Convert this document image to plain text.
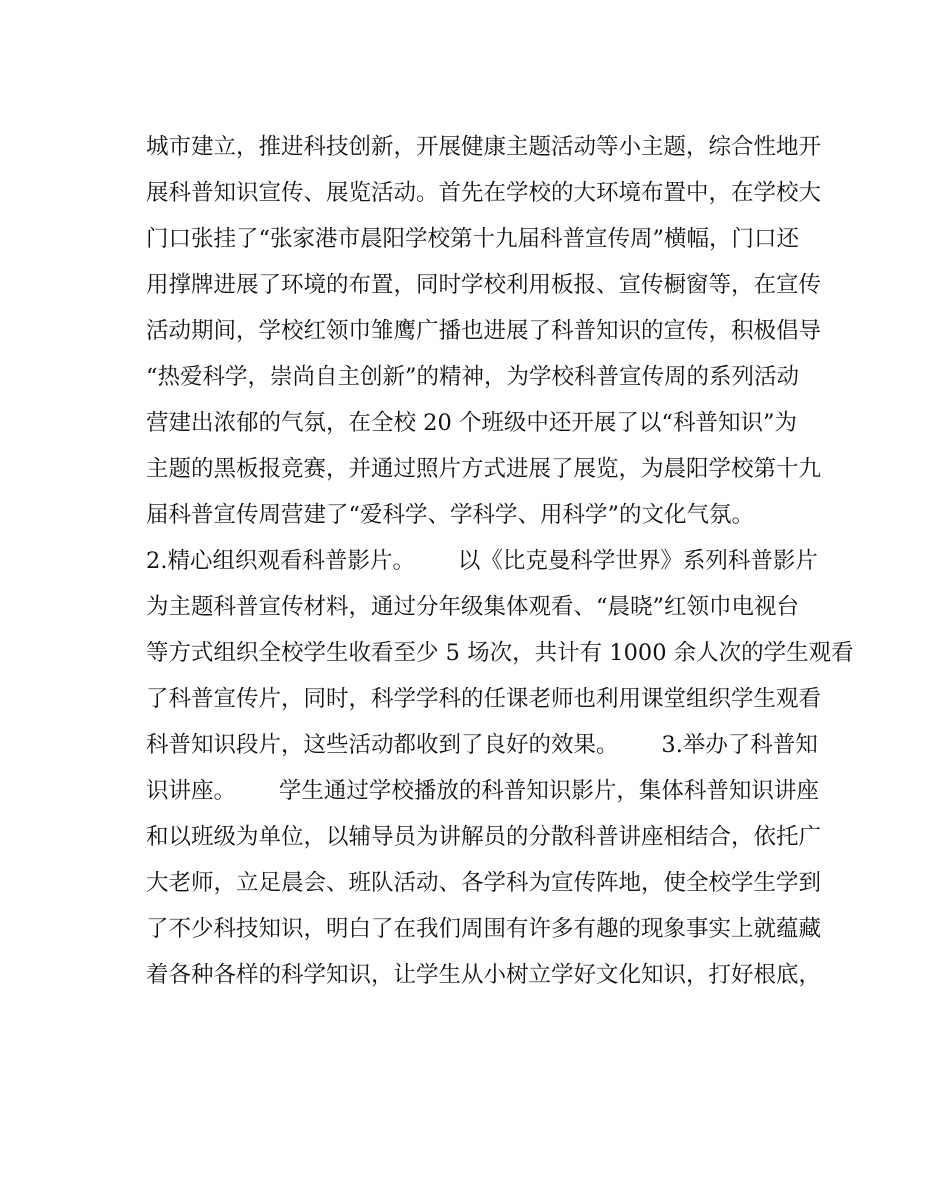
城市建立，推进科技创新，开展健康主题活动等小主题，综合性地开
展科普知识宣传、展览活动。首先在学校的大环境布置中，在学校大
门口张挂了“张家港市晨阳学校第十九届科普宣传周”横幅，门口还
用撑牌进展了环境的布置，同时学校利用板报、宣传橱窗等，在宣传
活动期间，学校红领巾雏鹰广播也进展了科普知识的宣传，积极倡导
“热爱科学，崇尚自主创新”的精神，为学校科普宣传周的系列活动
营建出浓郁的气氛，在全校 20 个班级中还开展了以“科普知识”为
主题的黑板报竞赛，并通过照片方式进展了展览，为晨阳学校第十九
届科普宣传周营建了“爱科学、学科学、用科学”的文化气氛。
2.精心组织观看科普影片。      以《比克曼科学世界》系列科普影片
为主题科普宣传材料，通过分年级集体观看、“晨晓”红领巾电视台
等方式组织全校学生收看至少 5 场次，共计有 1000 余人次的学生观看
了科普宣传片，同时，科学学科的任课老师也利用课堂组织学生观看
科普知识段片，这些活动都收到了良好的效果。      3.举办了科普知
识讲座。      学生通过学校播放的科普知识影片，集体科普知识讲座
和以班级为单位，以辅导员为讲解员的分散科普讲座相结合，依托广
大老师，立足晨会、班队活动、各学科为宣传阵地，使全校学生学到
了不少科技知识，明白了在我们周围有许多有趣的现象事实上就蕴藏
着各种各样的科学知识，让学生从小树立学好文化知识，打好根底，
